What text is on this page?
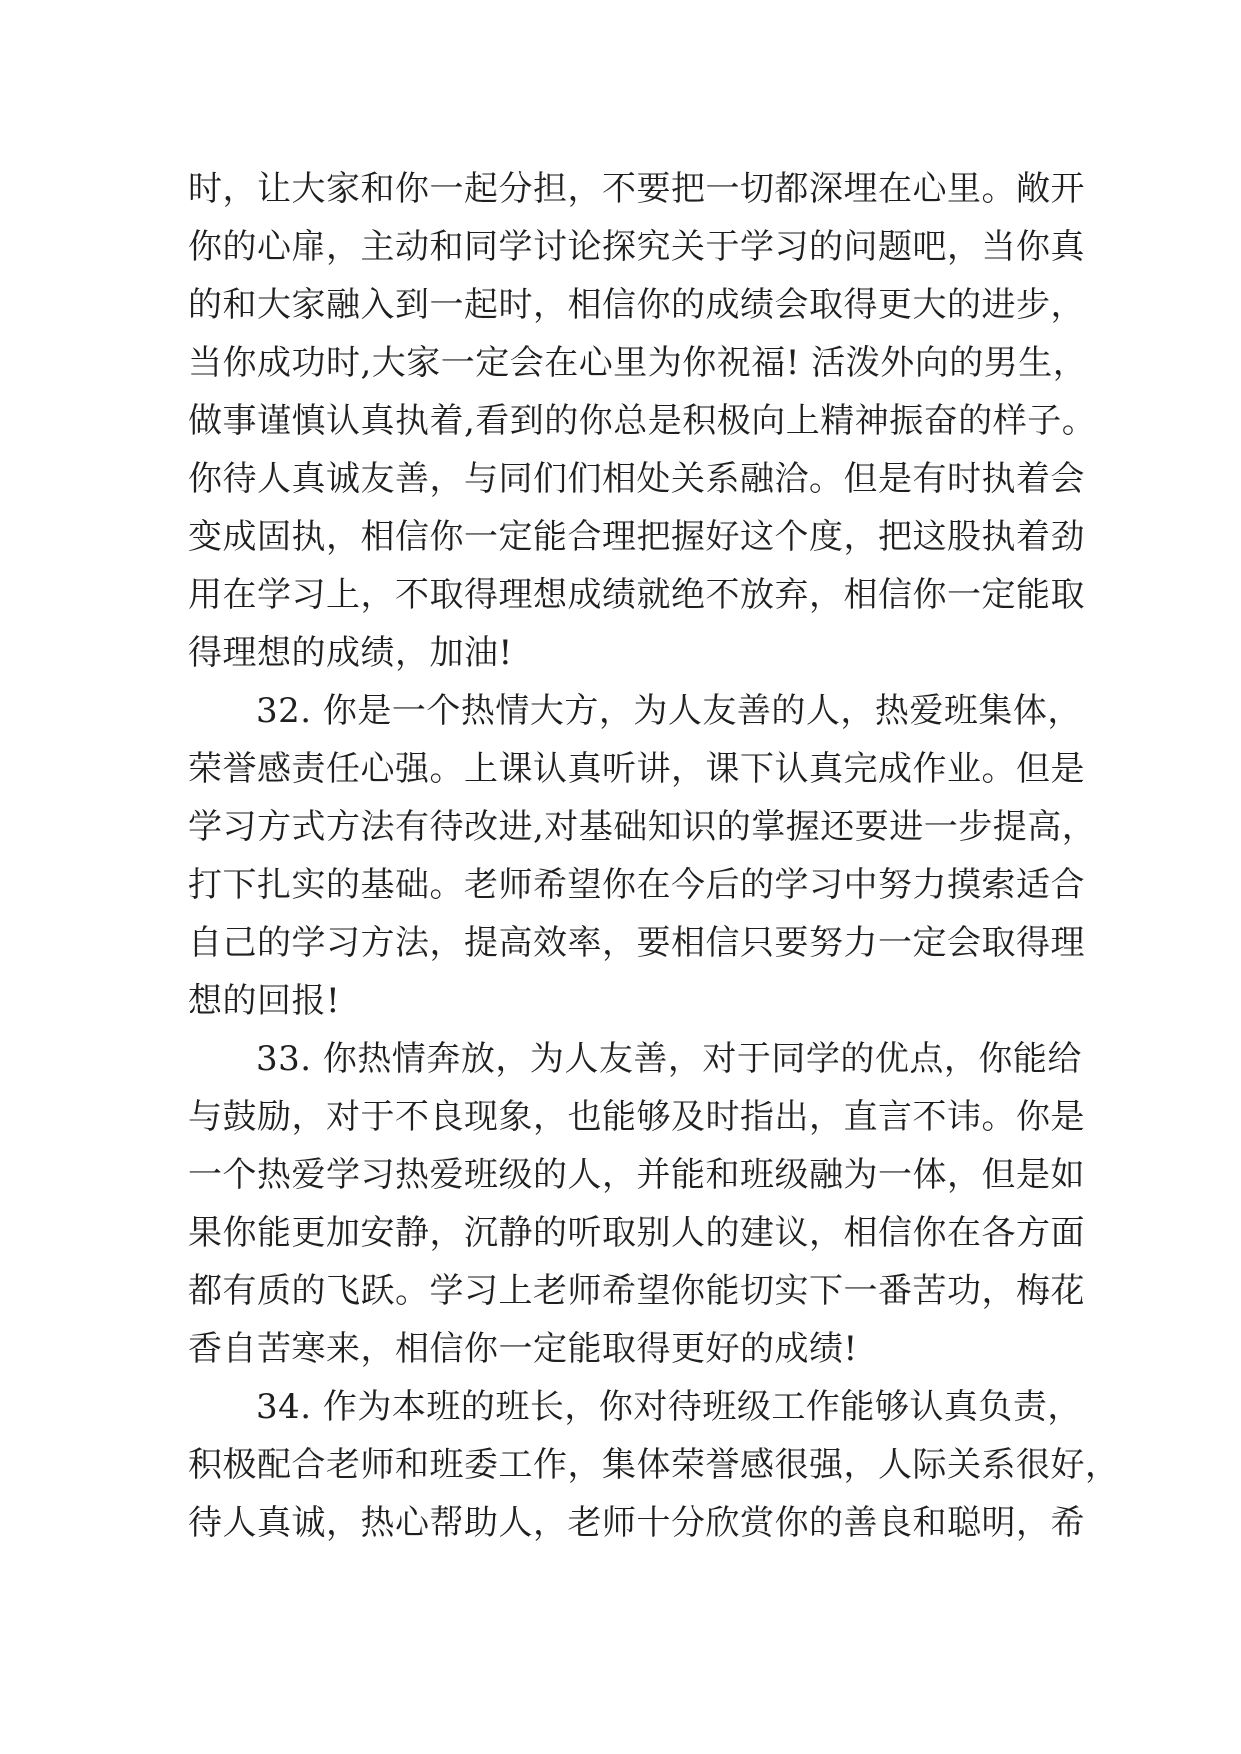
时，让大家和你一起分担，不要把一切都深埋在心里。敞开
你的心扉，主动和同学讨论探究关于学习的问题吧，当你真
的和大家融入到一起时，相信你的成绩会取得更大的进步，
当你成功时,大家一定会在心里为你祝福! 活泼外向的男生，
做事谨慎认真执着,看到的你总是积极向上精神振奋的样子。
你待人真诚友善，与同们们相处关系融洽。但是有时执着会
变成固执，相信你一定能合理把握好这个度，把这股执着劲
用在学习上，不取得理想成绩就绝不放弃，相信你一定能取
得理想的成绩，加油!
32. 你是一个热情大方，为人友善的人，热爱班集体，
荣誉感责任心强。上课认真听讲，课下认真完成作业。但是
学习方式方法有待改进,对基础知识的掌握还要进一步提高，
打下扎实的基础。老师希望你在今后的学习中努力摸索适合
自己的学习方法，提高效率，要相信只要努力一定会取得理
想的回报!
33. 你热情奔放，为人友善，对于同学的优点，你能给
与鼓励，对于不良现象，也能够及时指出，直言不讳。你是
一个热爱学习热爱班级的人，并能和班级融为一体，但是如
果你能更加安静，沉静的听取别人的建议，相信你在各方面
都有质的飞跃。学习上老师希望你能切实下一番苦功，梅花
香自苦寒来，相信你一定能取得更好的成绩!
34. 作为本班的班长，你对待班级工作能够认真负责，
积极配合老师和班委工作，集体荣誉感很强，人际关系很好，
待人真诚，热心帮助人，老师十分欣赏你的善良和聪明，希
